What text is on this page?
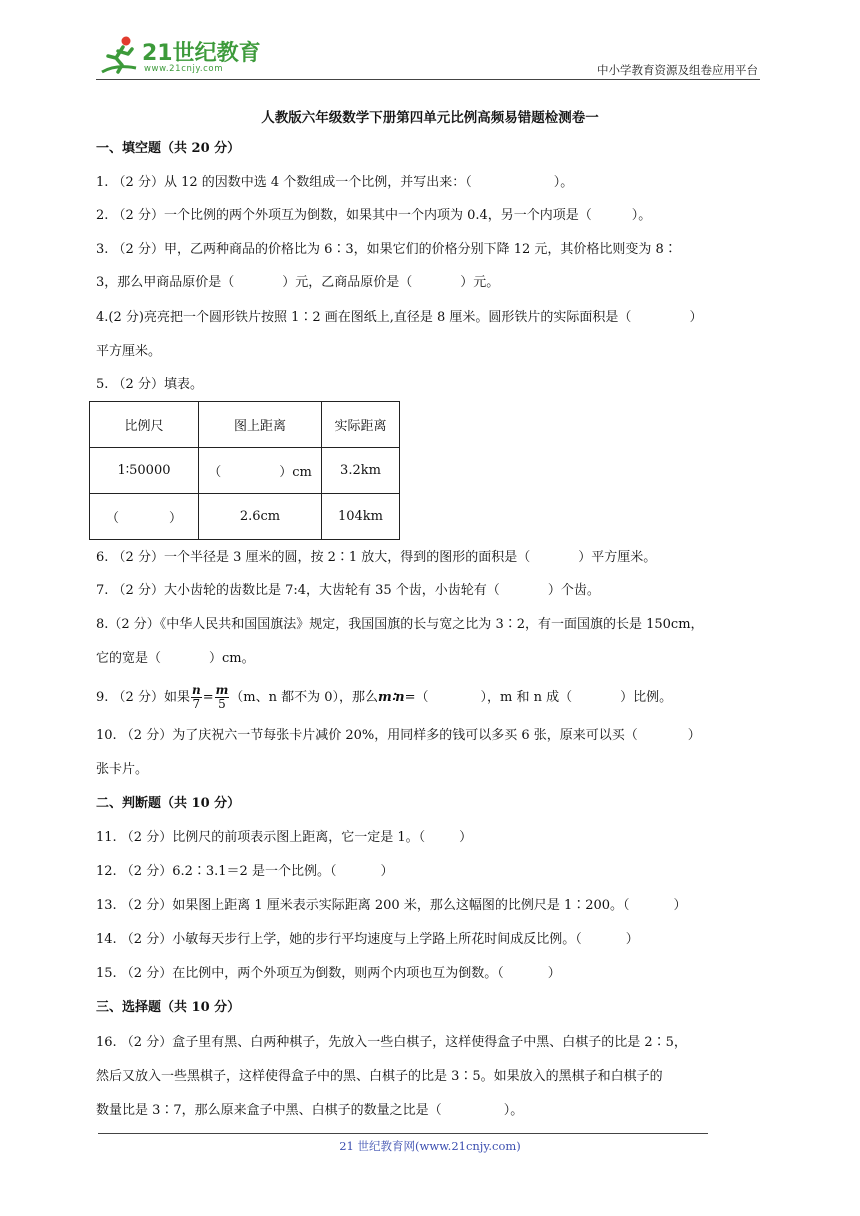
21世纪教育
www.21cnjy.com	中小学教育资源及组卷应用平台
人教版六年级数学下册第四单元比例高频易错题检测卷一
一、填空题（共 20 分）
1. （2 分）从 12 的因数中选 4 个数组成一个比例，并写出来：（	）。
2. （2 分）一个比例的两个外项互为倒数，如果其中一个内项为 0.4，另一个内项是（	）。
3. （2 分）甲，乙两种商品的价格比为 6∶3，如果它们的价格分别下降 12 元，其价格比则变为 8∶
3，那么甲商品原价是（	）元，乙商品原价是（	）元。
4.(2 分)亮亮把一个圆形铁片按照 1∶2 画在图纸上,直径是 8 厘米。圆形铁片的实际面积是（	）
平方厘米。
5. （2 分）填表。
比例尺	图上距离	实际距离
1∶50000	（ ）cm	3.2km
（ ）	2.6cm	104km
6. （2 分）一个半径是 3 厘米的圆，按 2∶1 放大，得到的图形的面积是（	）平方厘米。
7. （2 分）大小齿轮的齿数比是 7:4，大齿轮有 35 个齿，小齿轮有（	）个齿。
8.（2 分）《中华人民共和国国旗法》规定，我国国旗的长与宽之比为 3∶2，有一面国旗的长是 150cm，
它的宽是（	）cm。
9. （2 分）如果 $\frac{n}{7} = \frac{m}{5} (m$、n 都不为 0），那么m∶n=（	），m 和 n 成（	）比例。
10. （2 分）为了庆祝六一节每张卡片减价 20%，用同样多的钱可以多买 6 张，原来可以买（	）
张卡片。
二、判断题（共 10 分）
11. （2 分）比例尺的前项表示图上距离，它一定是 1。（	）
12. （2 分）6.2∶3.1＝2 是一个比例。（	）
13. （2 分）如果图上距离 1 厘米表示实际距离 200 米，那么这幅图的比例尺是 1∶200。（	）
14. （2 分）小敏每天步行上学，她的步行平均速度与上学路上所花时间成反比例。（	）
15. （2 分）在比例中，两个外项互为倒数，则两个内项也互为倒数。（	）
三、选择题（共 10 分）
16. （2 分）盒子里有黑、白两种棋子，先放入一些白棋子，这样使得盒子中黑、白棋子的比是 2∶5，
然后又放入一些黑棋子，这样使得盒子中的黑、白棋子的比是 3∶5。如果放入的黑棋子和白棋子的
数量比是 3∶7，那么原来盒子中黑、白棋子的数量之比是（	）。
21 世纪教育网(www.21cnjy.com)
